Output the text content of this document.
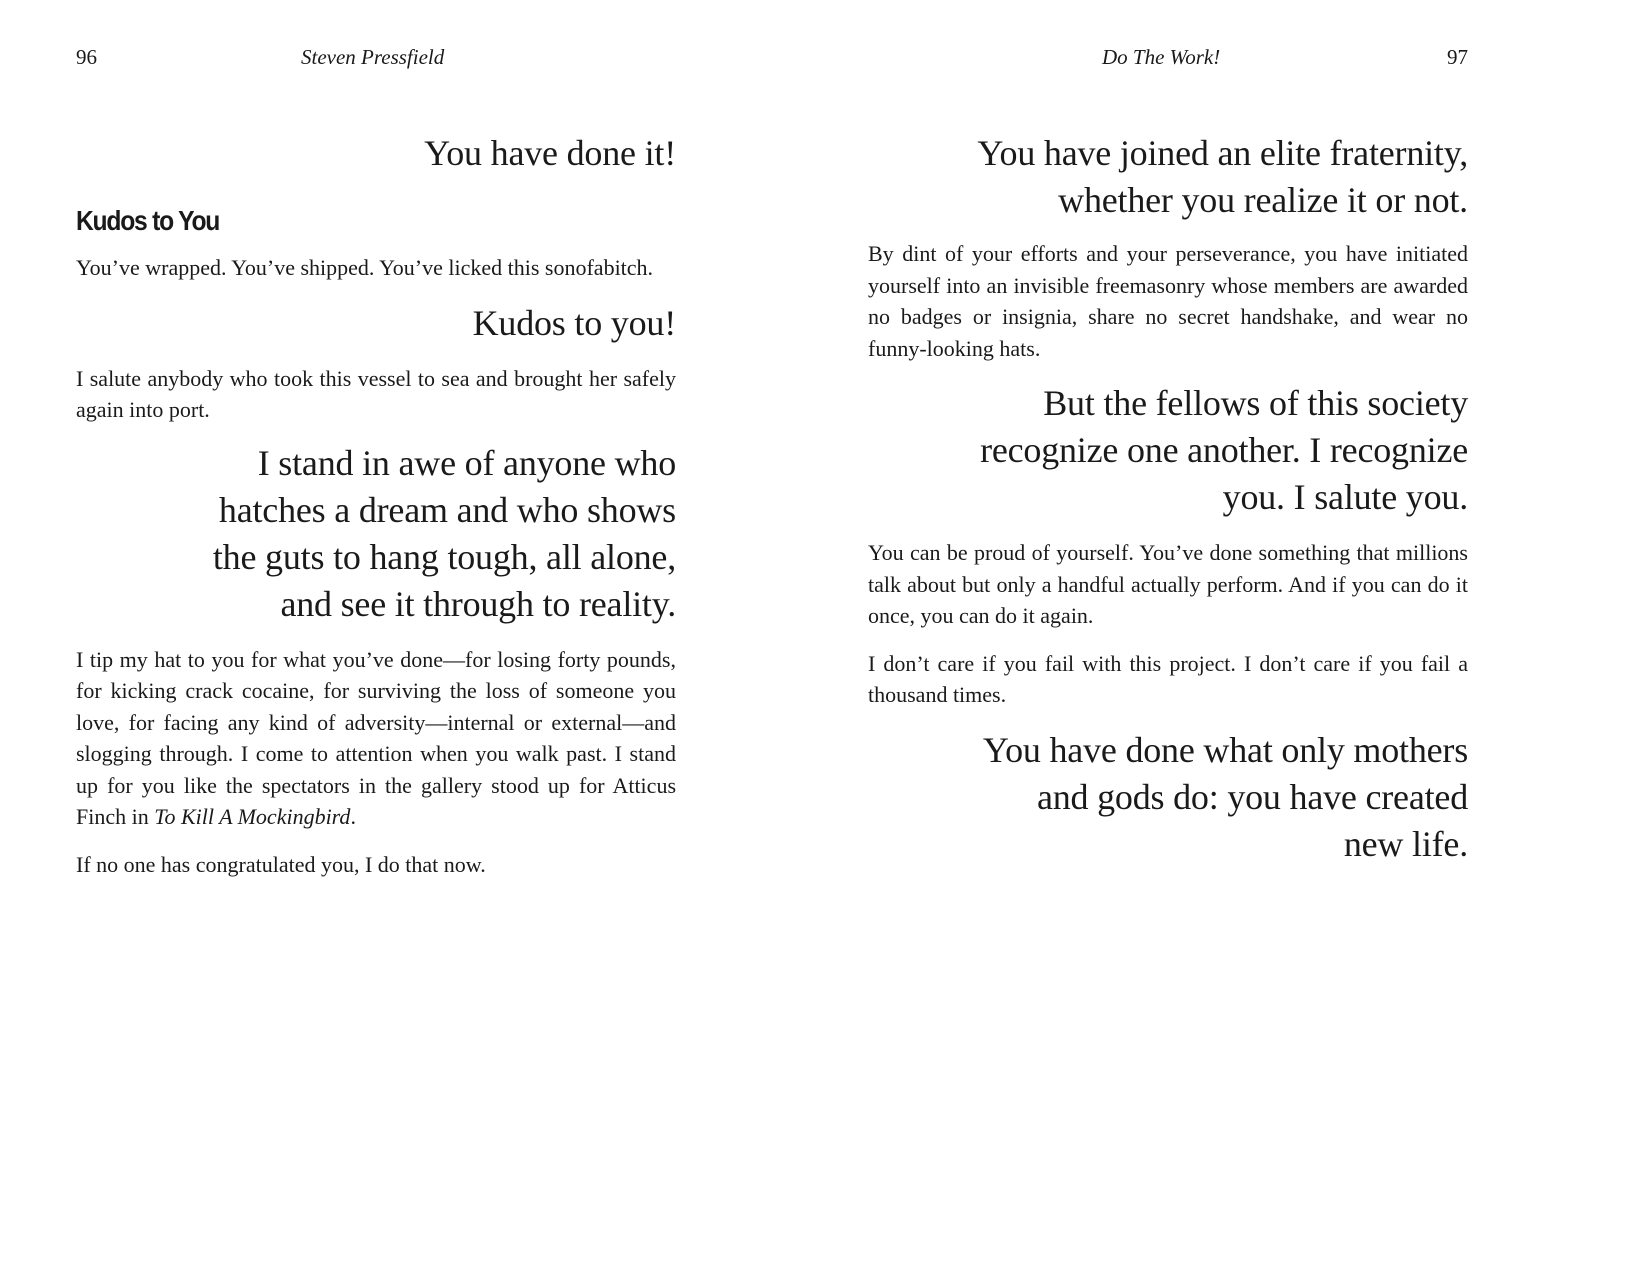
96	Steven Pressfield

You have done it!

Kudos to You

You’ve wrapped. You’ve shipped. You’ve licked this sonofabitch.

Kudos to you!

I salute anybody who took this vessel to sea and brought her safely again into port.

I stand in awe of anyone who
hatches a dream and who shows
the guts to hang tough, all alone,
and see it through to reality.

I tip my hat to you for what you’ve done—for losing forty pounds, for kicking crack cocaine, for surviving the loss of someone you love, for facing any kind of adversity—internal or external—and slogging through. I come to attention when you walk past. I stand up for you like the spectators in the gallery stood up for Atticus Finch in To Kill A Mockingbird.

If no one has congratulated you, I do that now.

Do The Work!	97
You have joined an elite fraternity,
whether you realize it or not.

By dint of your efforts and your perseverance, you have initiated yourself into an invisible freemasonry whose members are awarded no badges or insignia, share no secret handshake, and wear no funny-looking hats.

But the fellows of this society
recognize one another. I recognize
you. I salute you.

You can be proud of yourself. You’ve done something that millions talk about but only a handful actually perform. And if you can do it once, you can do it again.

I don’t care if you fail with this project. I don’t care if you fail a thousand times.

You have done what only mothers
and gods do: you have created
new life.
